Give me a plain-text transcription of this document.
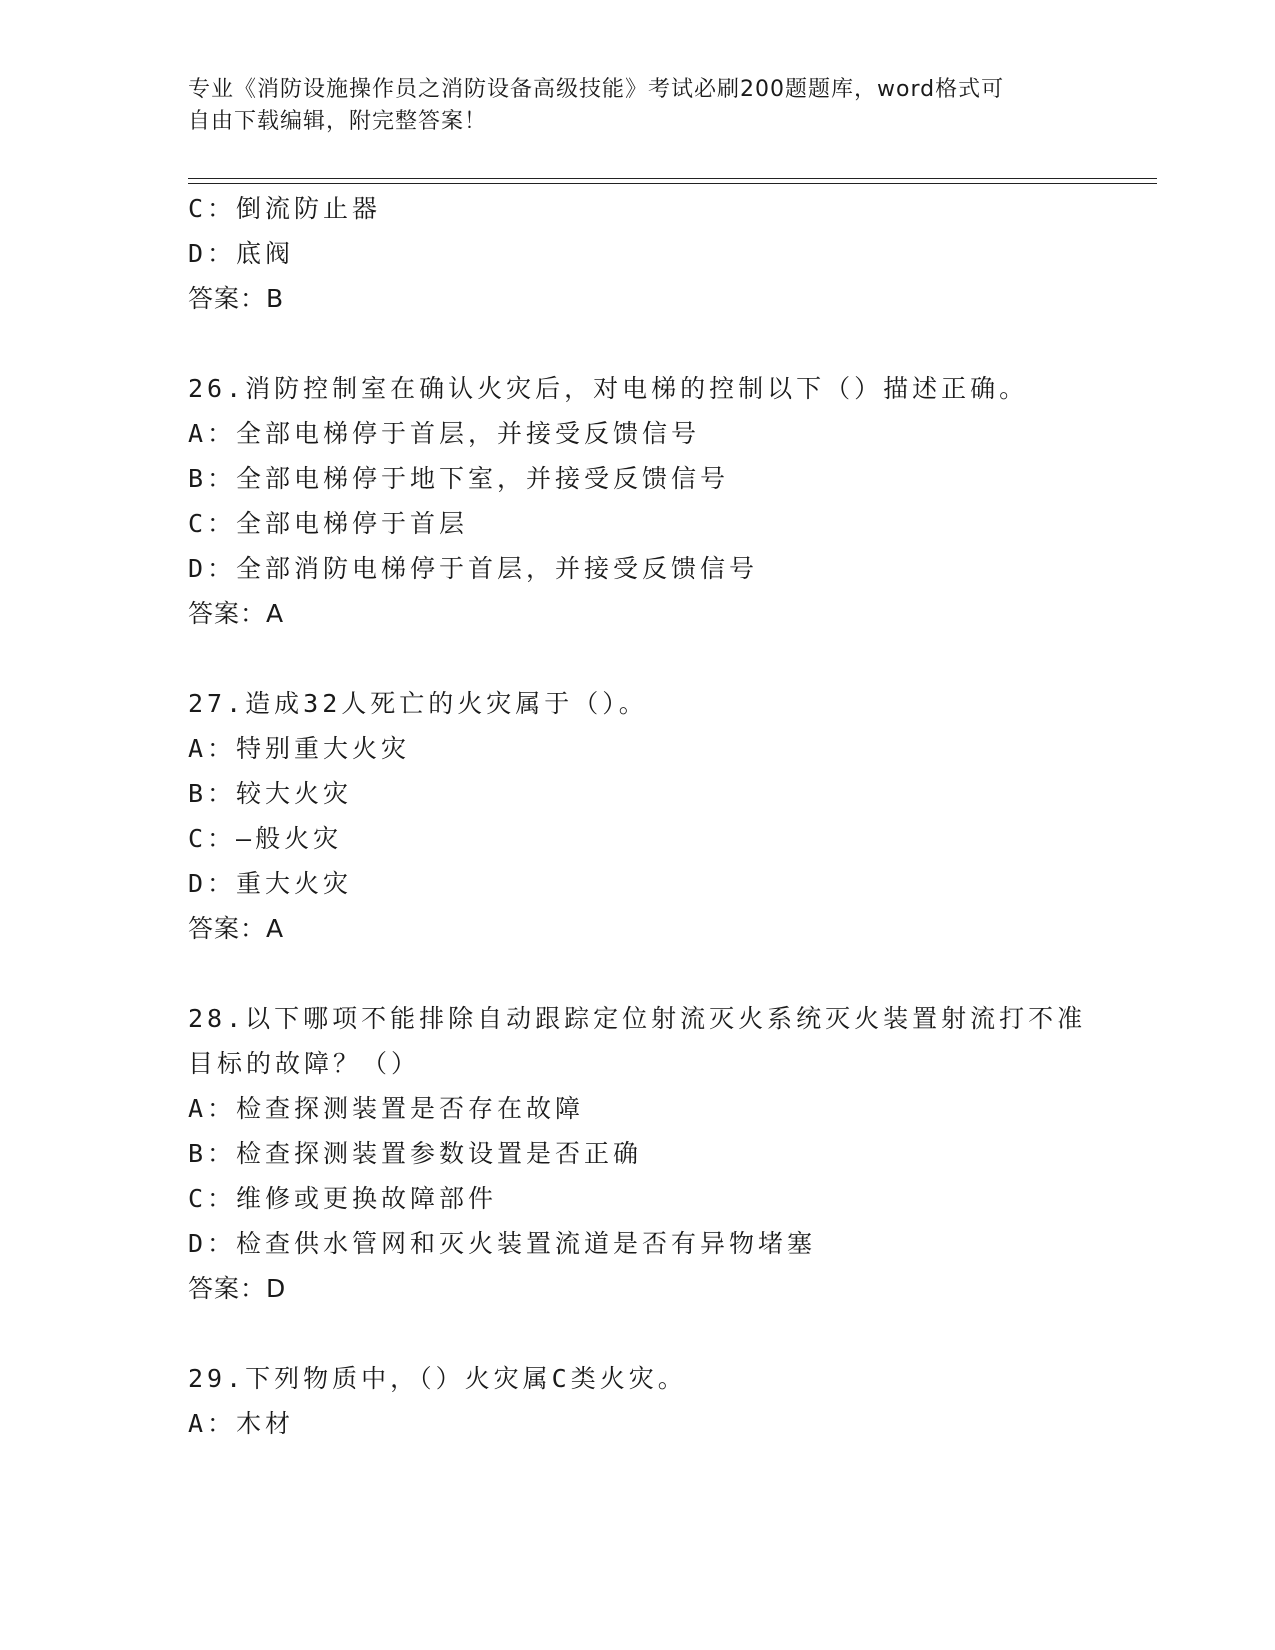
专业《消防设施操作员之消防设备高级技能》考试必刷200题题库，word格式可
自由下载编辑，附完整答案！
C：倒流防止器
D：底阀
答案：B
26.消防控制室在确认火灾后，对电梯的控制以下（）描述正确。
A：全部电梯停于首层，并接受反馈信号
B：全部电梯停于地下室，并接受反馈信号
C：全部电梯停于首层
D：全部消防电梯停于首层，并接受反馈信号
答案：A
27.造成32人死亡的火灾属于（）。
A：特别重大火灾
B：较大火灾
C：—般火灾
D：重大火灾
答案：A
28.以下哪项不能排除自动跟踪定位射流灭火系统灭火装置射流打不准
目标的故障？（）
A：检查探测装置是否存在故障
B：检查探测装置参数设置是否正确
C：维修或更换故障部件
D：检查供水管网和灭火装置流道是否有异物堵塞
答案：D
29.下列物质中，（）火灾属C类火灾。
A：木材
